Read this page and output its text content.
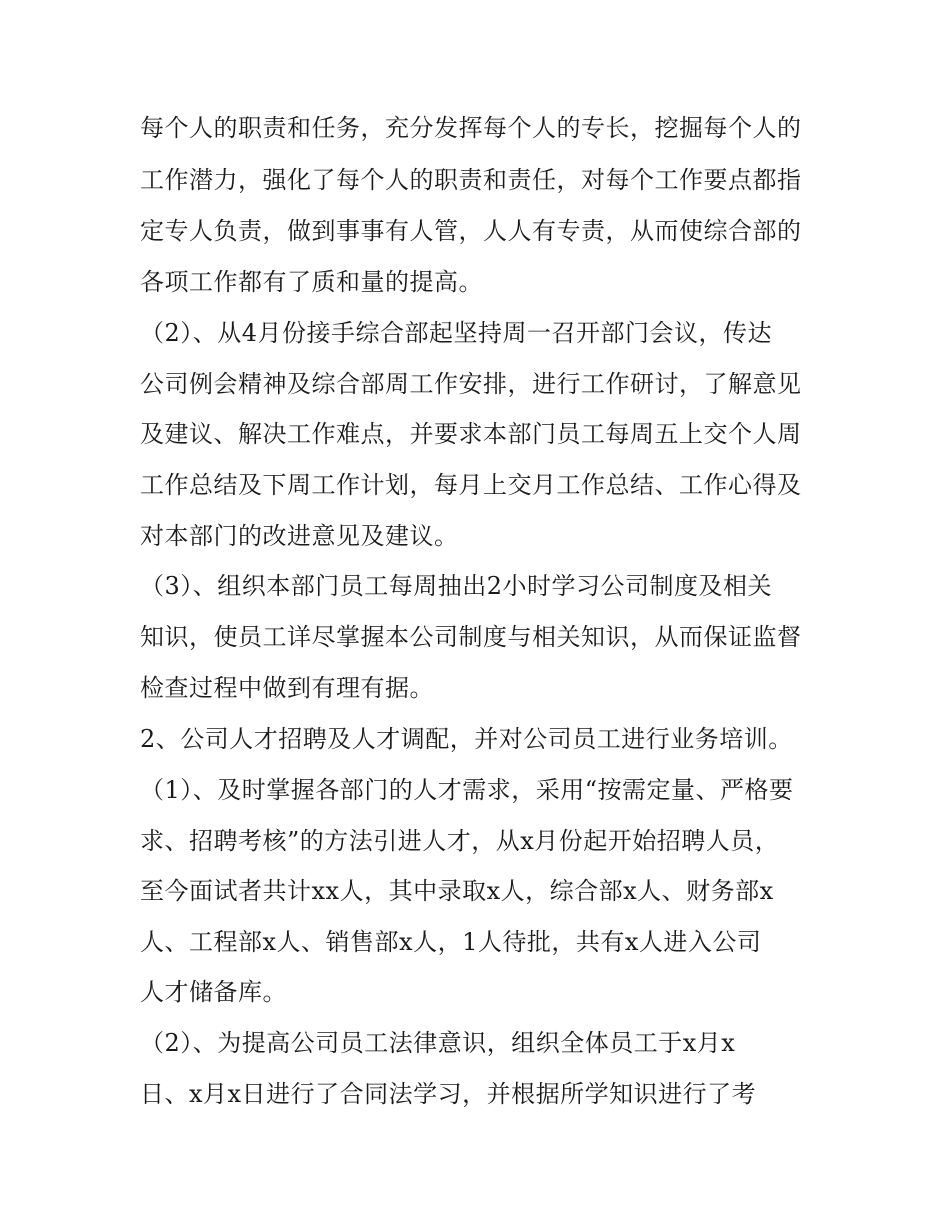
每个人的职责和任务，充分发挥每个人的专长，挖掘每个人的
工作潜力，强化了每个人的职责和责任，对每个工作要点都指
定专人负责，做到事事有人管，人人有专责，从而使综合部的
各项工作都有了质和量的提高。
（2）、从4月份接手综合部起坚持周一召开部门会议，传达
公司例会精神及综合部周工作安排，进行工作研讨，了解意见
及建议、解决工作难点，并要求本部门员工每周五上交个人周
工作总结及下周工作计划，每月上交月工作总结、工作心得及
对本部门的改进意见及建议。
（3）、组织本部门员工每周抽出2小时学习公司制度及相关
知识，使员工详尽掌握本公司制度与相关知识，从而保证监督
检查过程中做到有理有据。
2、公司人才招聘及人才调配，并对公司员工进行业务培训。
（1）、及时掌握各部门的人才需求，采用“按需定量、严格要
求、招聘考核”的方法引进人才，从x月份起开始招聘人员，
至今面试者共计xx人，其中录取x人，综合部x人、财务部x
人、工程部x人、销售部x人，1人待批，共有x人进入公司
人才储备库。
（2）、为提高公司员工法律意识，组织全体员工于x月x
日、x月x日进行了合同法学习，并根据所学知识进行了考
